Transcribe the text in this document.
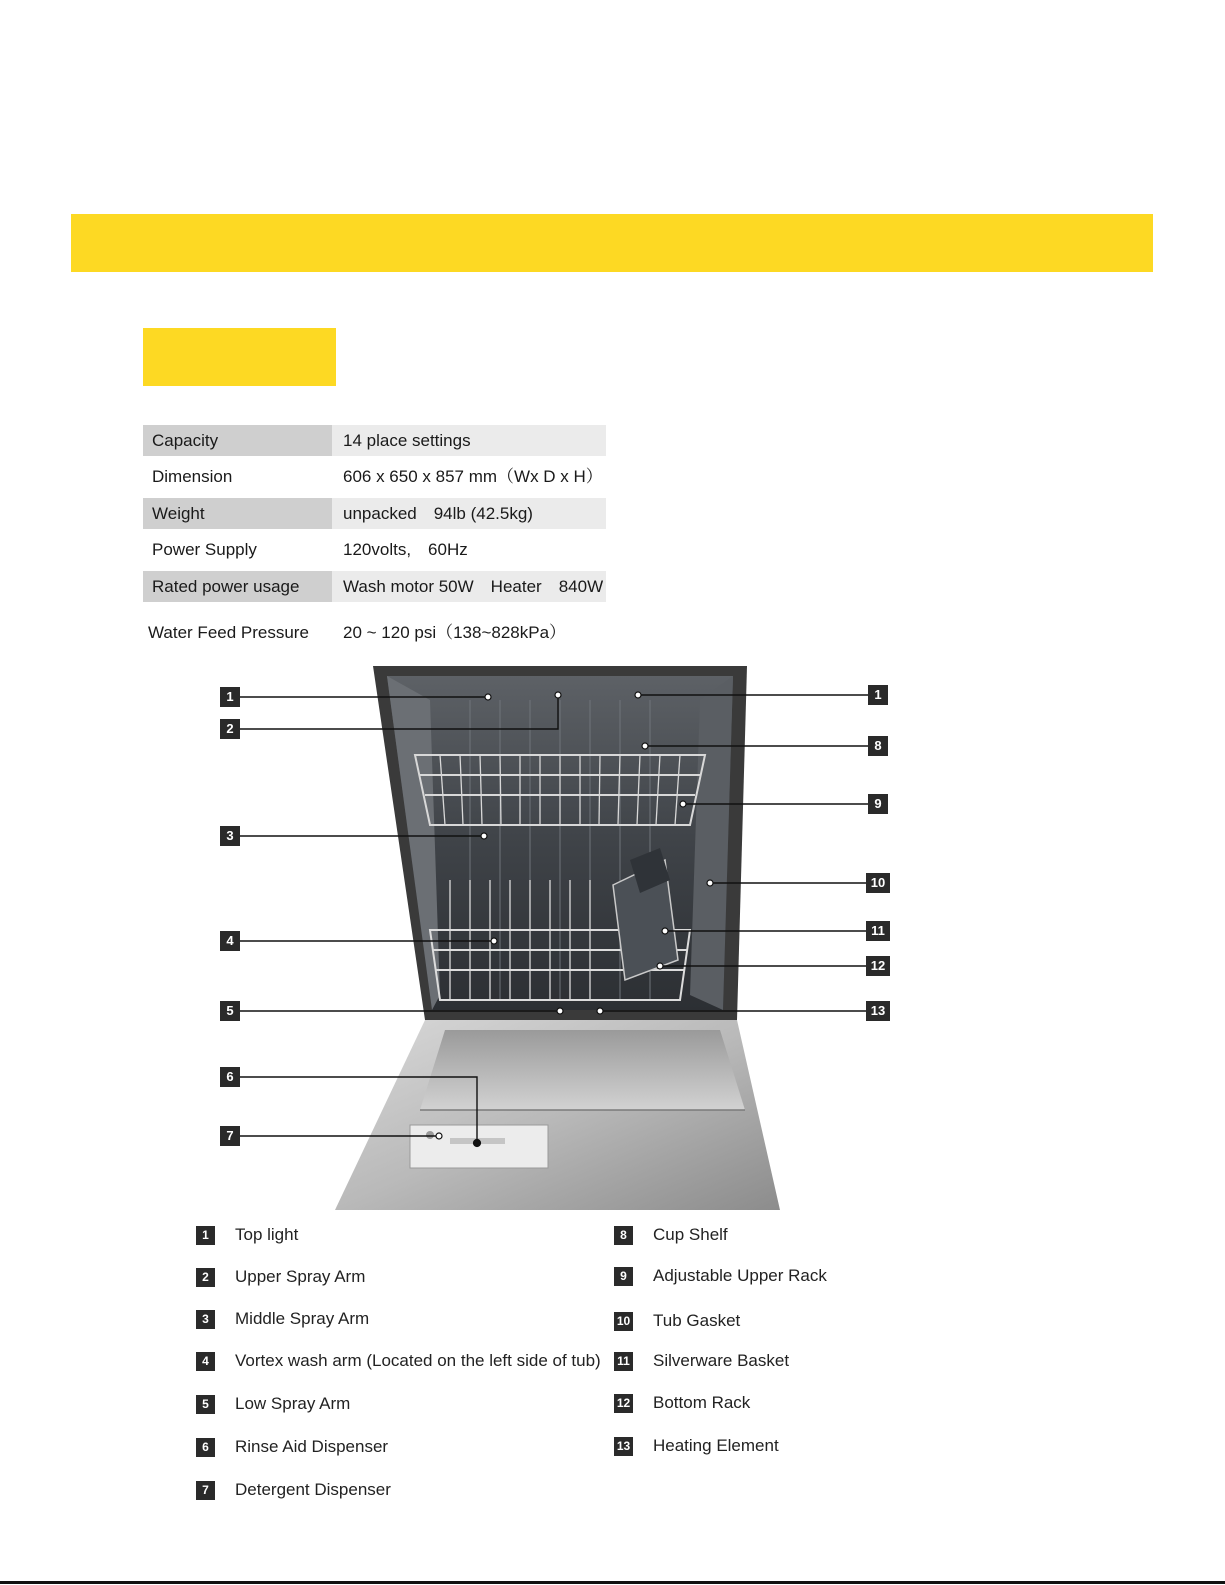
Capacity	14 place settings
Dimension	606 x 650 x 857 mm（Wx D x H）
Weight	unpacked　94lb (42.5kg)
Power Supply	120volts,　60Hz
Rated power usage	Wash motor 50W　Heater　840W
Water Feed Pressure	20 ~ 120 psi（138~828kPa）
1
2
3
4
5
6
7
1
8
9
10
11
12
13
1	Top light
2	Upper Spray Arm
3	Middle Spray Arm
4	Vortex wash arm (Located on the left side of tub)
5	Low Spray Arm
6	Rinse Aid Dispenser
7	Detergent Dispenser
8	Cup Shelf
9	Adjustable Upper Rack
10 Tub Gasket
11 Silverware Basket
12 Bottom Rack
13 Heating Element
